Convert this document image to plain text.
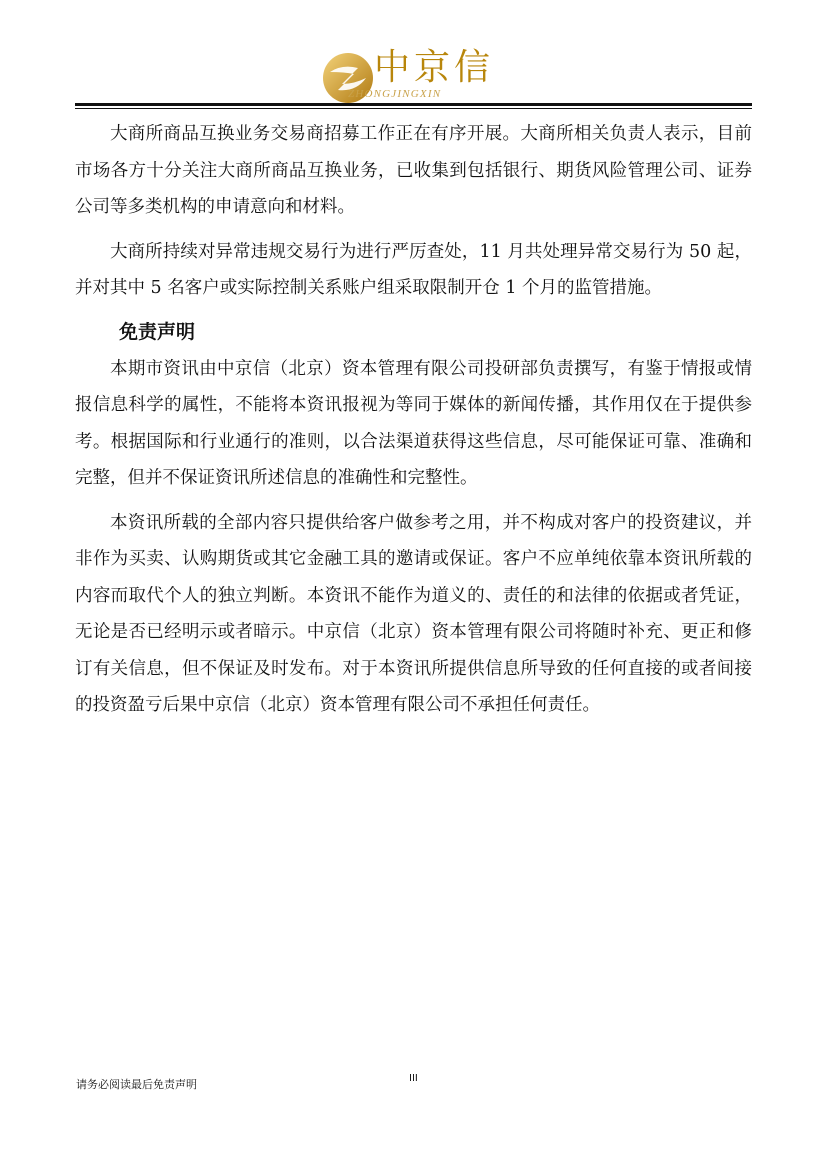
中京信
ZHONGJINGXIN

大商所商品互换业务交易商招募工作正在有序开展。大商所相关负责人表示，目前市场各方十分关注大商所商品互换业务，已收集到包括银行、期货风险管理公司、证券公司等多类机构的申请意向和材料。

大商所持续对异常违规交易行为进行严厉查处，11 月共处理异常交易行为 50 起，并对其中 5 名客户或实际控制关系账户组采取限制开仓 1 个月的监管措施。

免责声明

本期市资讯由中京信（北京）资本管理有限公司投研部负责撰写，有鉴于情报或情报信息科学的属性，不能将本资讯报视为等同于媒体的新闻传播，其作用仅在于提供参考。根据国际和行业通行的准则，以合法渠道获得这些信息，尽可能保证可靠、准确和完整，但并不保证资讯所述信息的准确性和完整性。

本资讯所载的全部内容只提供给客户做参考之用，并不构成对客户的投资建议，并非作为买卖、认购期货或其它金融工具的邀请或保证。客户不应单纯依靠本资讯所载的内容而取代个人的独立判断。本资讯不能作为道义的、责任的和法律的依据或者凭证，无论是否已经明示或者暗示。中京信（北京）资本管理有限公司将随时补充、更正和修订有关信息，但不保证及时发布。对于本资讯所提供信息所导致的任何直接的或者间接的投资盈亏后果中京信（北京）资本管理有限公司不承担任何责任。

请务必阅读最后免责声明	III
